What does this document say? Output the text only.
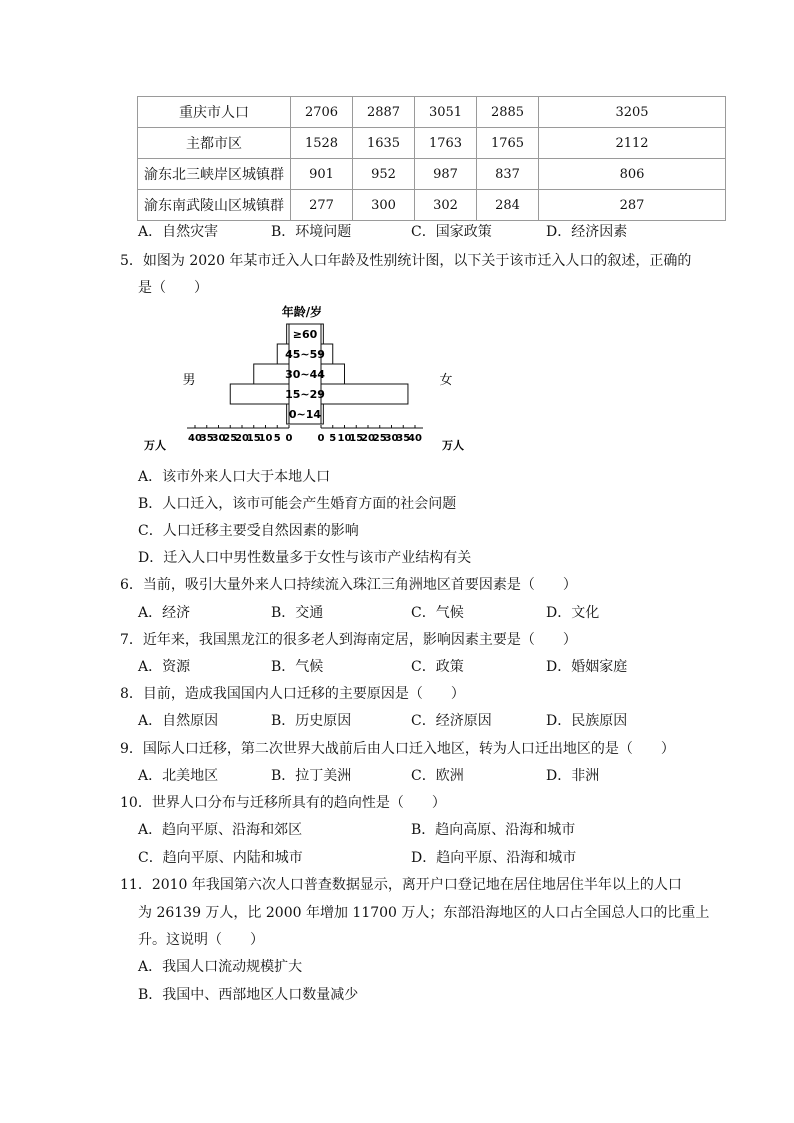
重庆市人口	2706	2887	3051	2885	3205
主都市区	1528	1635	1763	1765	2112
渝东北三峡岸区城镇群	901	952	987	837	806
渝东南武陵山区城镇群	277	300	302	284	287
A．自然灾害	B．环境问题	C．国家政策	D．经济因素
5．如图为 2020 年某市迁入人口年龄及性别统计图，以下关于该市迁入人口的叙述，正确的
是（　　）
年龄/岁
男	女
≥60
45~59
30~44
15~29
0~14
40
35
30
25
20
15
10 5 0	0 5 10
15
20
25
30
35
40
万人	万人
A．该市外来人口大于本地人口
B．人口迁入，该市可能会产生婚育方面的社会问题
C．人口迁移主要受自然因素的影响
D．迁入人口中男性数量多于女性与该市产业结构有关
6．当前，吸引大量外来人口持续流入珠江三角洲地区首要因素是（　　）
A．经济	B．交通	C．气候	D．文化
7．近年来，我国黑龙江的很多老人到海南定居，影响因素主要是（　　）
A．资源	B．气候	C．政策	D．婚姻家庭
8．目前，造成我国国内人口迁移的主要原因是（　　）
A．自然原因	B．历史原因	C．经济原因	D．民族原因
9．国际人口迁移，第二次世界大战前后由人口迁入地区，转为人口迁出地区的是（　　）
A．北美地区	B．拉丁美洲	C．欧洲	D．非洲
10．世界人口分布与迁移所具有的趋向性是（　　）
A．趋向平原、沿海和郊区	B．趋向高原、沿海和城市
C．趋向平原、内陆和城市	D．趋向平原、沿海和城市
11．2010 年我国第六次人口普查数据显示，离开户口登记地在居住地居住半年以上的人口
为 26139 万人，比 2000 年增加 11700 万人；东部沿海地区的人口占全国总人口的比重上
升。这说明（　　）
A．我国人口流动规模扩大
B．我国中、西部地区人口数量减少
